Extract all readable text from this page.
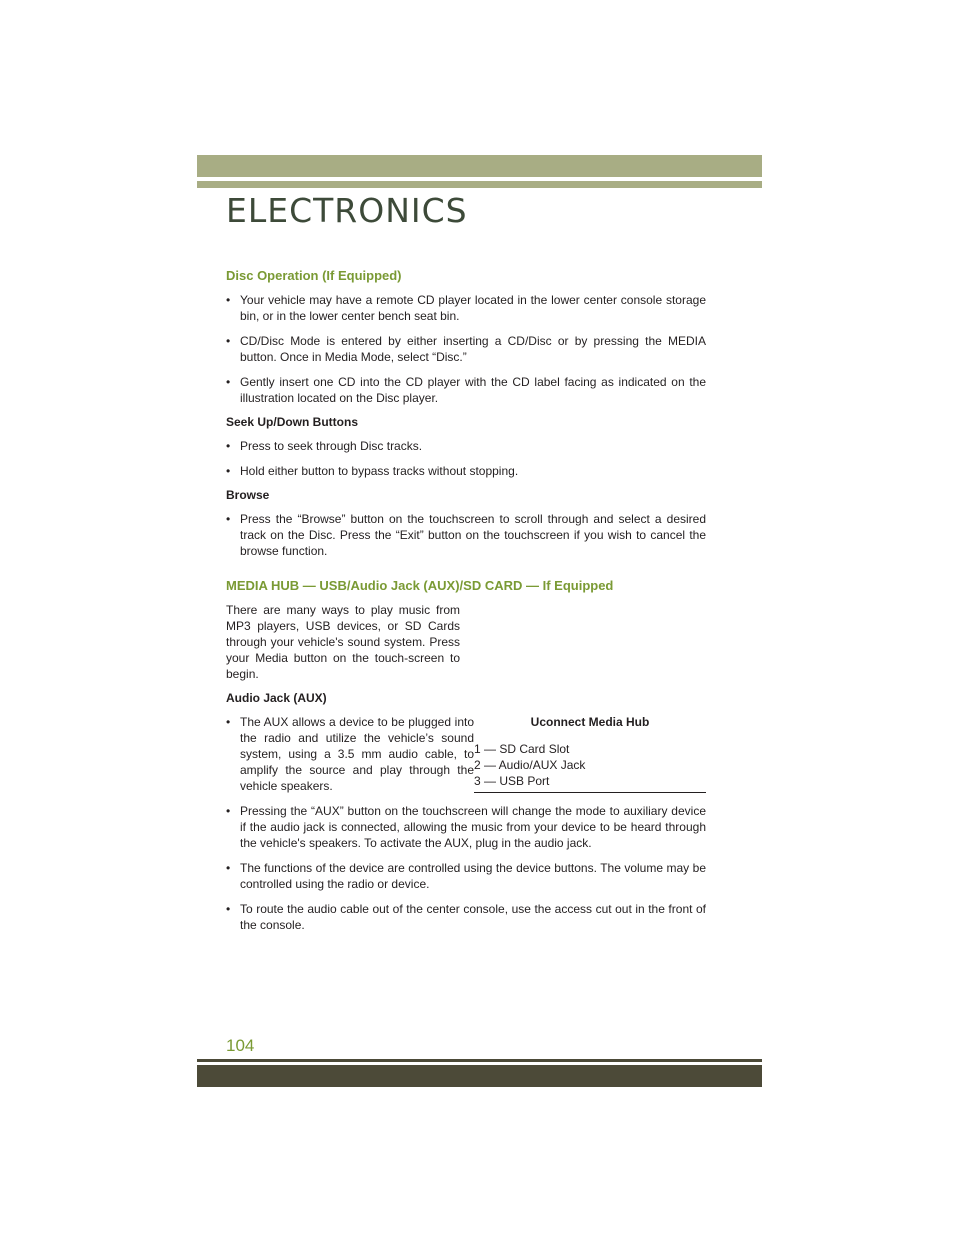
ELECTRONICS
Disc Operation (If Equipped)
• Your vehicle may have a remote CD player located in the lower center console storage bin, or in the lower center bench seat bin.
• CD/Disc Mode is entered by either inserting a CD/Disc or by pressing the MEDIA button. Once in Media Mode, select “Disc.”
• Gently insert one CD into the CD player with the CD label facing as indicated on the illustration located on the Disc player.
Seek Up/Down Buttons
• Press to seek through Disc tracks.
• Hold either button to bypass tracks without stopping.
Browse
• Press the “Browse” button on the touchscreen to scroll through and select a desired track on the Disc. Press the “Exit” button on the touchscreen if you wish to cancel the browse function.
MEDIA HUB — USB/Audio Jack (AUX)/SD CARD — If Equipped

There are many ways to play music from MP3 players, USB devices, or SD Cards through your vehicle's sound system. Press your Media button on the touch-screen to begin.

Audio Jack (AUX)
• The AUX allows a device to be plugged into the radio and utilize the vehicle’s sound system, using a 3.5 mm audio cable, to amplify the source and play through the vehicle speakers.
• Pressing the “AUX” button on the touchscreen will change the mode to auxiliary device if the audio jack is connected, allowing the music from your device to be heard through the vehicle's speakers. To activate the AUX, plug in the audio jack.
• The functions of the device are controlled using the device buttons. The volume may be controlled using the radio or device.
• To route the audio cable out of the center console, use the access cut out in the front of the console.
Uconnect Media Hub
1 — SD Card Slot
2 — Audio/AUX Jack
3 — USB Port
104
